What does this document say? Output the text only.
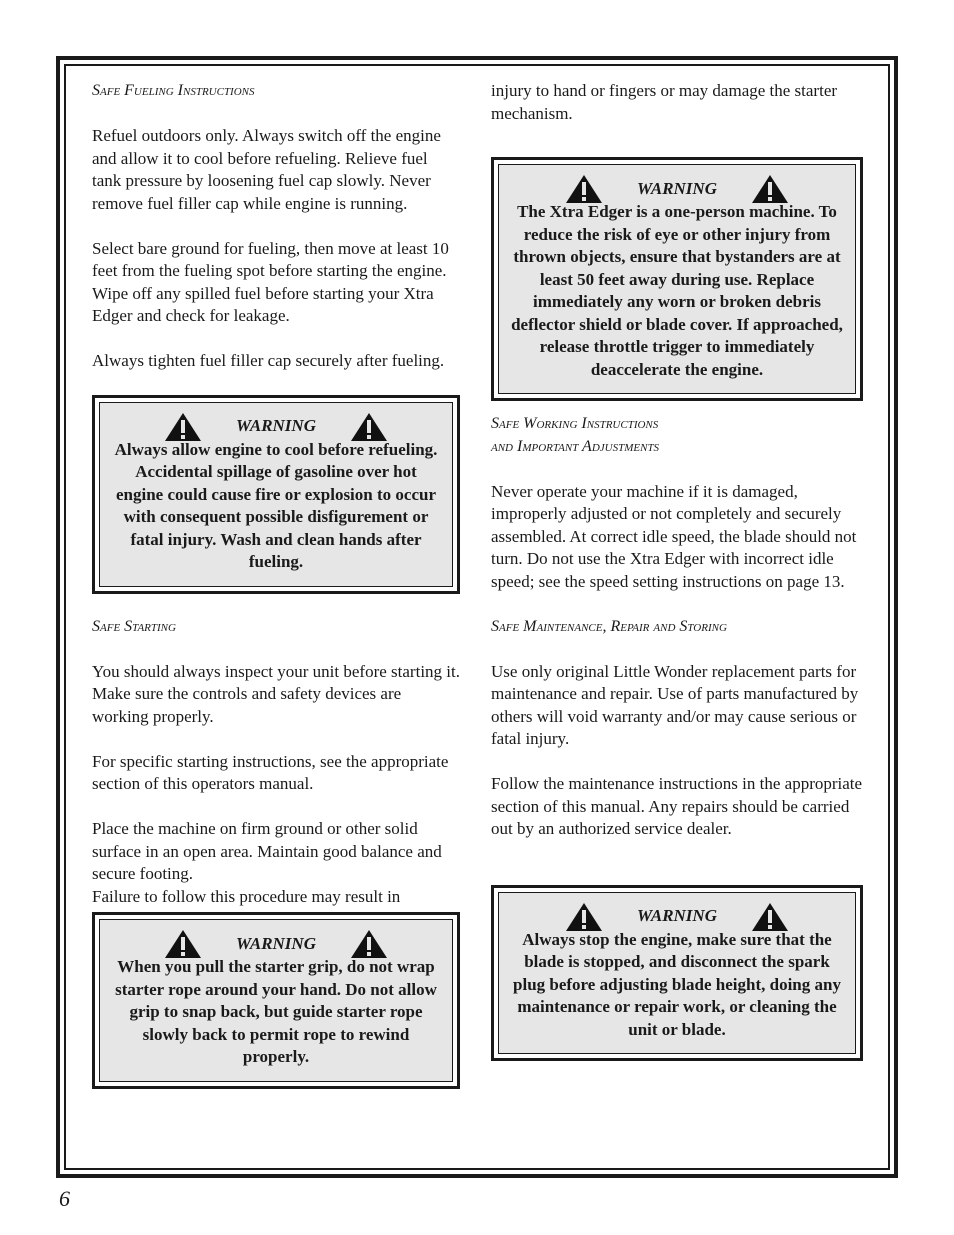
Safe Fueling Instructions

Refuel outdoors only. Always switch off the engine and allow it to cool before refueling. Relieve fuel tank pressure by loosening fuel cap slowly. Never remove fuel filler cap while engine is running.

Select bare ground for fueling, then move at least 10 feet from the fueling spot before starting the engine. Wipe off any spilled fuel before starting your Xtra Edger and check for leakage.

Always tighten fuel filler cap securely after fueling.

WARNING

Always allow engine to cool before refueling. Accidental spillage of gasoline over hot engine could cause fire or explosion to occur with consequent possible disfigurement or fatal injury. Wash and clean hands after fueling.

Safe Starting

You should always inspect your unit before starting it. Make sure the controls and safety devices are working properly.

For specific starting instructions, see the appropriate section of this operators manual.

Place the machine on firm ground or other solid surface in an open area. Maintain good balance and secure footing.

Failure to follow this procedure may result in

WARNING

When you pull the starter grip, do not wrap starter rope around your hand. Do not allow grip to snap back, but guide starter rope slowly back to permit rope to rewind properly.

injury to hand or fingers or may damage the starter mechanism.

WARNING

The Xtra Edger is a one-person machine. To reduce the risk of eye or other injury from thrown objects, ensure that bystanders are at least 50 feet away during use. Replace immediately any worn or broken debris deflector shield or blade cover. If approached, release throttle trigger to immediately deaccelerate the engine.

Safe Working Instructions

and Important Adjustments

Never operate your machine if it is damaged, improperly adjusted or not completely and securely assembled. At correct idle speed, the blade should not turn. Do not use the Xtra Edger with incorrect idle speed; see the speed setting instructions on page 13.

Safe Maintenance, Repair and Storing

Use only original Little Wonder replacement parts for maintenance and repair. Use of parts manufactured by others will void warranty and/or may cause serious or fatal injury.

Follow the maintenance instructions in the appropriate section of this manual. Any repairs should be carried out by an authorized service dealer.

WARNING

Always stop the engine, make sure that the blade is stopped, and disconnect the spark plug before adjusting blade height, doing any maintenance or repair work, or cleaning the unit or blade.

6
